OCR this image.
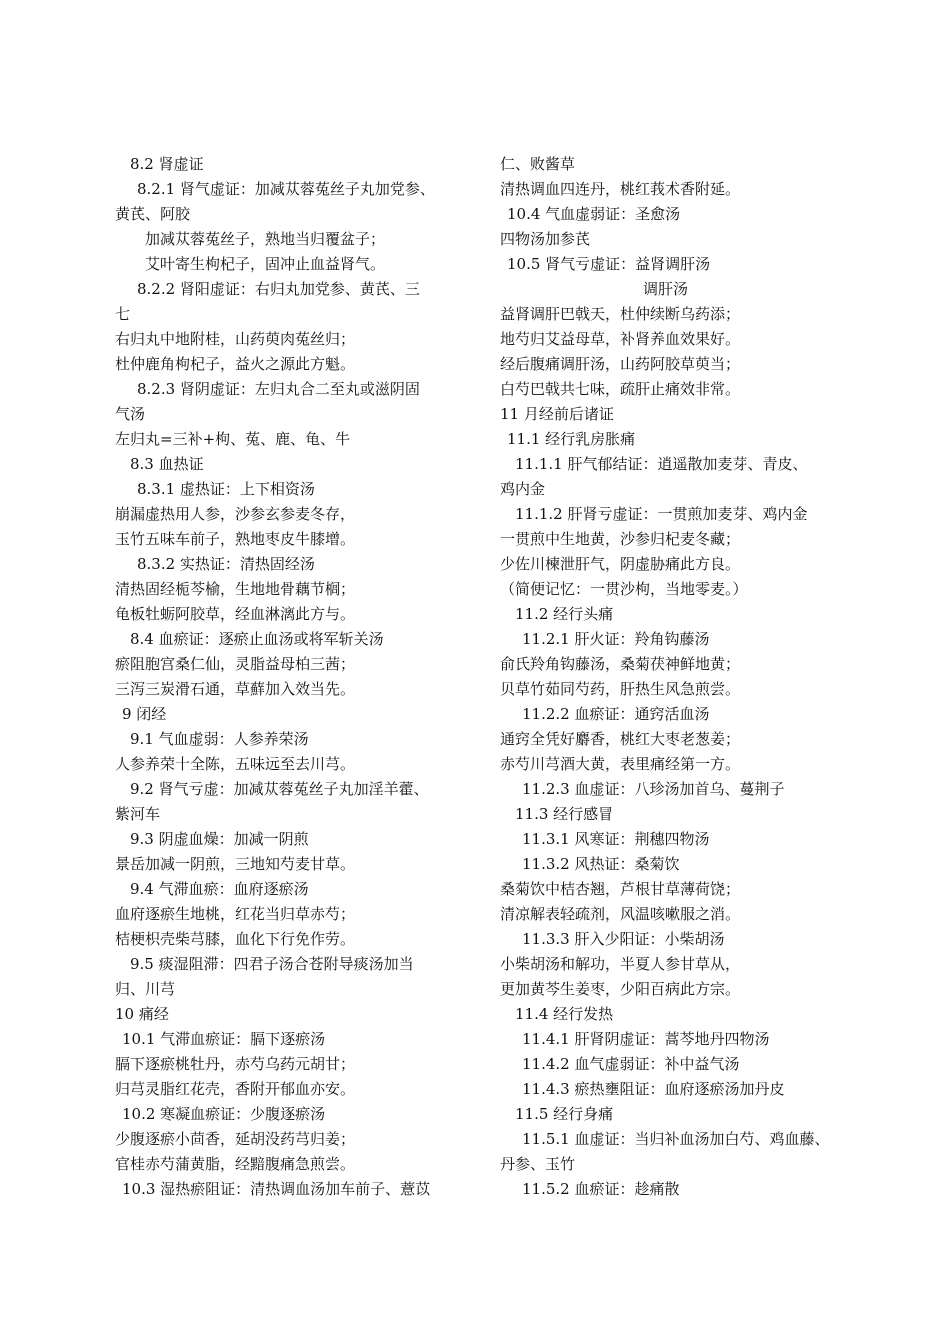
8.2 肾虚证
8.2.1 肾气虚证：加减苁蓉菟丝子丸加党参、
黄芪、阿胶
加减苁蓉菟丝子，熟地当归覆盆子；
艾叶寄生枸杞子，固冲止血益肾气。
8.2.2 肾阳虚证：右归丸加党参、黄芪、三
七
右归丸中地附桂，山药萸肉菟丝归；
杜仲鹿角枸杞子，益火之源此方魁。
8.2.3 肾阴虚证：左归丸合二至丸或滋阴固
气汤
左归丸=三补+枸、菟、鹿、龟、牛
8.3 血热证
8.3.1 虚热证：上下相资汤
崩漏虚热用人参，沙参玄参麦冬存，
玉竹五味车前子，熟地枣皮牛膝增。
8.3.2 实热证：清热固经汤
清热固经栀芩榆，生地地骨藕节榈；
龟板牡蛎阿胶草，经血淋漓此方与。
8.4 血瘀证：逐瘀止血汤或将军斩关汤
瘀阻胞宫桑仁仙，灵脂益母柏三茜；
三泻三炭滑石通，草蘚加入效当先。
9 闭经
9.1 气血虚弱：人参养荣汤
人参养荣十全陈，五味远至去川芎。
9.2 肾气亏虚：加减苁蓉菟丝子丸加淫羊藿、
紫河车
9.3 阴虚血燥：加减一阴煎
景岳加减一阴煎，三地知芍麦甘草。
9.4 气滞血瘀：血府逐瘀汤
血府逐瘀生地桃，红花当归草赤芍；
桔梗枳壳柴芎膝，血化下行免作劳。
9.5 痰湿阻滞：四君子汤合苍附导痰汤加当
归、川芎
10 痛经
10.1 气滞血瘀证：膈下逐瘀汤
膈下逐瘀桃牡丹，赤芍乌药元胡甘；
归芎灵脂红花壳，香附开郁血亦安。
10.2 寒凝血瘀证：少腹逐瘀汤
少腹逐瘀小茴香，延胡没药芎归姜；
官桂赤芍蒲黄脂，经黯腹痛急煎尝。
10.3 湿热瘀阻证：清热调血汤加车前子、薏苡
仁、败酱草
清热调血四连丹，桃红莪术香附延。
10.4 气血虚弱证：圣愈汤
四物汤加参芪
10.5 肾气亏虚证：益肾调肝汤
调肝汤
益肾调肝巴戟天，杜仲续断乌药添；
地芍归艾益母草，补肾养血效果好。
经后腹痛调肝汤，山药阿胶草萸当；
白芍巴戟共七味，疏肝止痛效非常。
11 月经前后诸证
11.1 经行乳房胀痛
11.1.1 肝气郁结证：逍遥散加麦芽、青皮、
鸡内金
11.1.2 肝肾亏虚证：一贯煎加麦芽、鸡内金
一贯煎中生地黄，沙参归杞麦冬藏；
少佐川楝泄肝气，阴虚胁痛此方良。
（简便记忆：一贯沙枸，当地零麦。）
11.2 经行头痛
11.2.1 肝火证：羚角钩藤汤
俞氏羚角钩藤汤，桑菊茯神鲜地黄；
贝草竹茹同芍药，肝热生风急煎尝。
11.2.2 血瘀证：通窍活血汤
通窍全凭好麝香，桃红大枣老葱姜；
赤芍川芎酒大黄，表里痛经第一方。
11.2.3 血虚证：八珍汤加首乌、蔓荆子
11.3 经行感冒
11.3.1 风寒证：荆穗四物汤
11.3.2 风热证：桑菊饮
桑菊饮中桔杏翘，芦根甘草薄荷饶；
清凉解表轻疏剂，风温咳嗽服之消。
11.3.3 肝入少阳证：小柴胡汤
小柴胡汤和解功，半夏人参甘草从，
更加黄芩生姜枣，少阳百病此方宗。
11.4 经行发热
11.4.1 肝肾阴虚证：蒿芩地丹四物汤
11.4.2 血气虚弱证：补中益气汤
11.4.3 瘀热壅阻证：血府逐瘀汤加丹皮
11.5 经行身痛
11.5.1 血虚证：当归补血汤加白芍、鸡血藤、
丹参、玉竹
11.5.2 血瘀证：趁痛散
